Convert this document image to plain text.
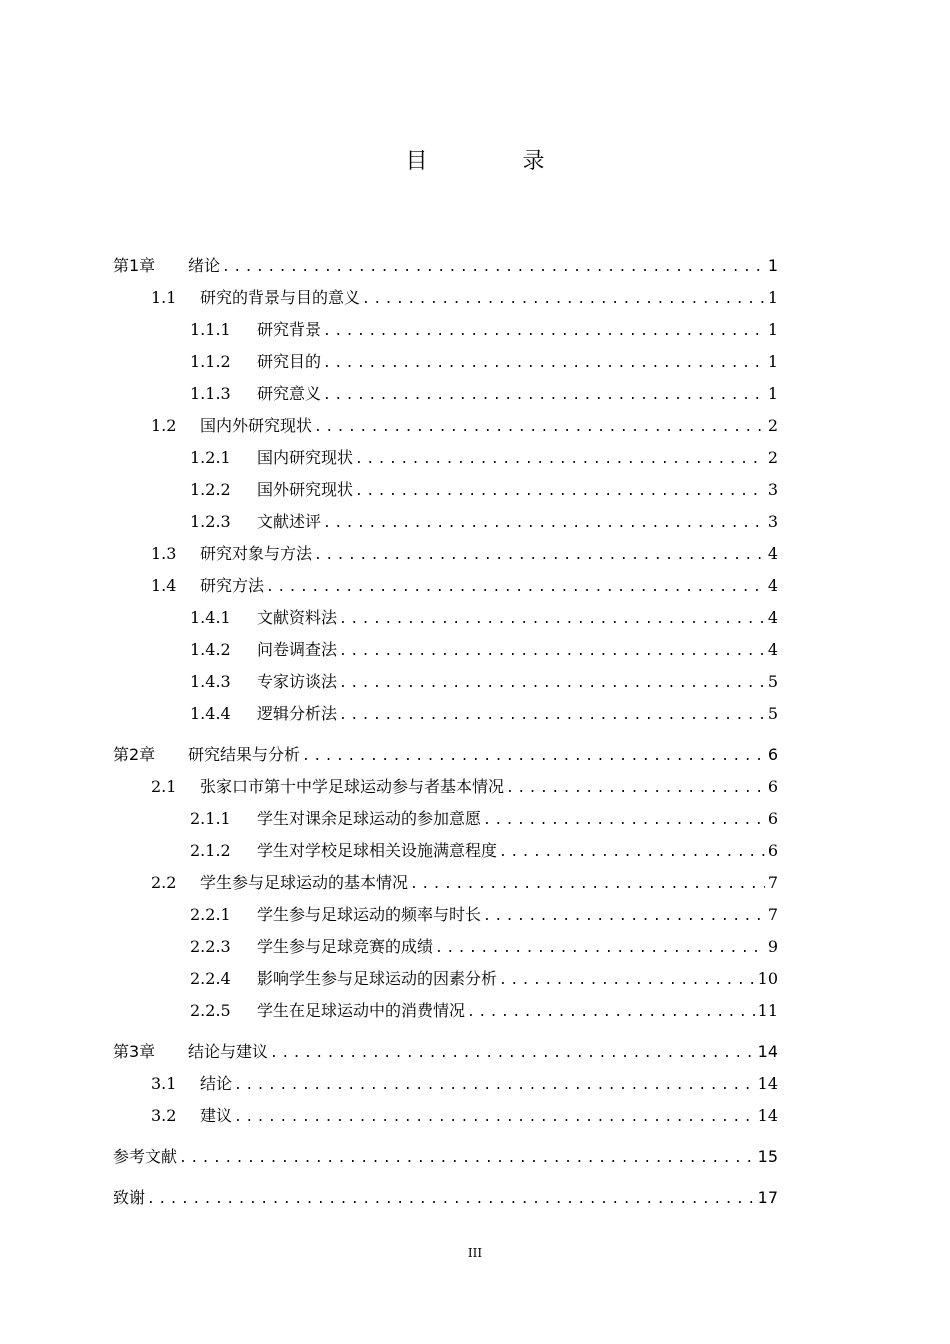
目 录
第1章	绪论 .....	1
1.1	研究的背景与目的意义 .....	1
1.1.1	研究背景 .....	1
1.1.2	研究目的 .....	1
1.1.3	研究意义 .....	1
1.2	国内外研究现状 .....	2
1.2.1	国内研究现状 .....	2
1.2.2	国外研究现状 .....	3
1.2.3	文献述评 .....	3
1.3	研究对象与方法 .....	4
1.4	研究方法 .....	4
1.4.1	文献资料法 .....	4
1.4.2	问卷调查法 .....	4
1.4.3	专家访谈法 .....	5
1.4.4	逻辑分析法 .....	5
第2章	研究结果与分析 .....	6
2.1	张家口市第十中学足球运动参与者基本情况 .....	6
2.1.1	学生对课余足球运动的参加意愿 .....	6
2.1.2	学生对学校足球相关设施满意程度 .....	6
2.2	学生参与足球运动的基本情况 .....	7
2.2.1	学生参与足球运动的频率与时长 .....	7
2.2.3	学生参与足球竞赛的成绩 .....	9
2.2.4	影响学生参与足球运动的因素分析 .....	10
2.2.5	学生在足球运动中的消费情况 .....	11
第3章	结论与建议 .....	14
3.1	结论 .....	14
3.2	建议 .....	14
参考文献 .....	15
致谢 .....	17
III
